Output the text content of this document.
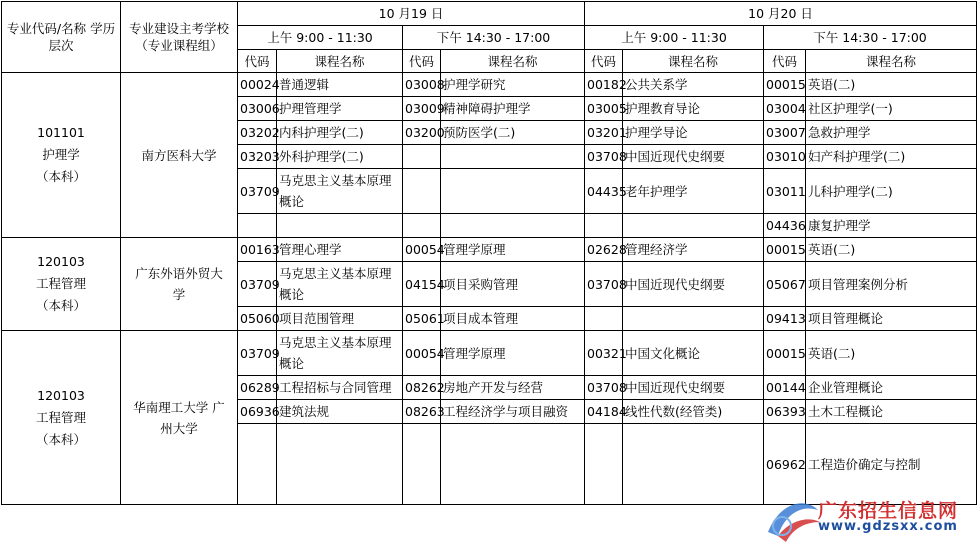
专业代码/名称 学历层次	专业建设主考学校 （专业课程组）	10 月19 日				10 月20 日			
		上午 9:00 - 11:30		下午 14:30 - 17:00		上午 9:00 - 11:30		下午 14:30 - 17:00	
		代码	课程名称	代码	课程名称	代码	课程名称	代码	课程名称

101101
护理学
（本科）	南方医科大学	00024	普通逻辑	03008	护理学研究	00182	公共关系学	00015	英语(二)
		03006	护理管理学	03009	精神障碍护理学	03005	护理教育导论	03004	社区护理学(一)
		03202	内科护理学(二)	03200	预防医学(二)	03201	护理学导论	03007	急救护理学
		03203	外科护理学(二)			03708	中国近现代史纲要	03010	妇产科护理学(二)
		03709	马克思主义基本原理概论			04435	老年护理学	03011	儿科护理学(二)
								04436	康复护理学

120103
工程管理
（本科）	广东外语外贸大学	00163	管理心理学	00054	管理学原理	02628	管理经济学	00015	英语(二)
		03709	马克思主义基本原理概论	04154	项目采购管理	03708	中国近现代史纲要	05067	项目管理案例分析
		05060	项目范围管理	05061	项目成本管理			09413	项目管理概论

120103
工程管理
（本科）	华南理工大学 广州大学	03709	马克思主义基本原理概论	00054	管理学原理	00321	中国文化概论	00015	英语(二)
		06289	工程招标与合同管理	08262	房地产开发与经营	03708	中国近现代史纲要	00144	企业管理概论
		06936	建筑法规	08263	工程经济学与项目融资	04184	线性代数(经管类)	06393	土木工程概论
								06962	工程造价确定与控制
广东招生信息网
www.gdzsxx.com
